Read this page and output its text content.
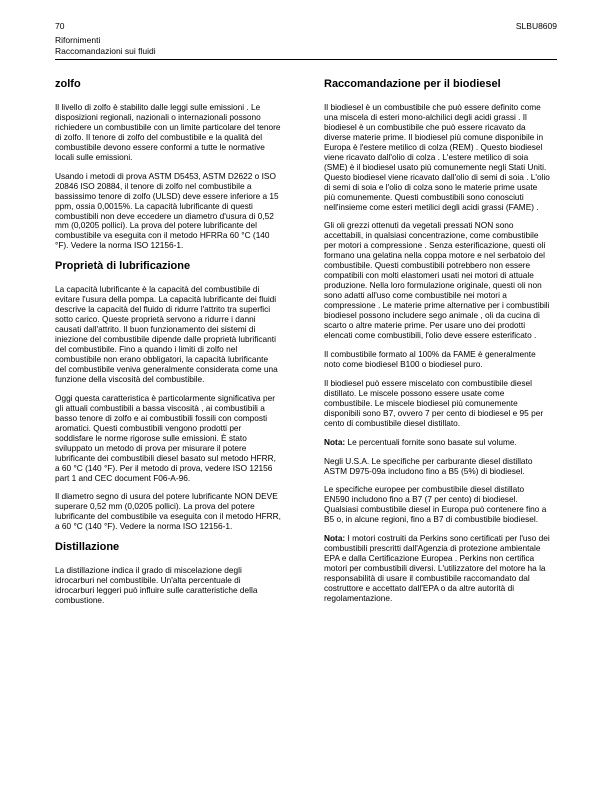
70	SLBU8609
Rifornimenti
Raccomandazioni sui fluidi
zolfo

Il livello di zolfo è stabilito dalle leggi sulle emissioni . Le disposizioni regionali, nazionali o internazionali possono richiedere un combustibile con un limite particolare del tenore di zolfo. Il tenore di zolfo del combustibile e la qualità del combustibile devono essere conformi a tutte le normative locali sulle emissioni.

Usando i metodi di prova ASTM D5453, ASTM D2622 o ISO 20846 ISO 20884, il tenore di zolfo nel combustibile a bassissimo tenore di zolfo (ULSD) deve essere inferiore a 15 ppm, ossia 0,0015%. La capacità lubrificante di questi combustibili non deve eccedere un diametro d'usura di 0,52 mm (0,0205 pollici). La prova del potere lubrificante del combustibile va eseguita con il metodo HFRRa 60 °C (140 °F). Vedere la norma ISO 12156-1.

Proprietà di lubrificazione

La capacità lubrificante è la capacità del combustibile di evitare l'usura della pompa. La capacità lubrificante dei fluidi descrive la capacità del fluido di ridurre l'attrito tra superfici sotto carico. Queste proprietà servono a ridurre i danni causati dall'attrito. Il buon funzionamento dei sistemi di iniezione del combustibile dipende dalle proprietà lubrificanti del combustibile. Fino a quando i limiti di zolfo nel combustibile non erano obbligatori, la capacità lubrificante del combustibile veniva generalmente considerata come una funzione della viscosità del combustibile.

Oggi questa caratteristica è particolarmente significativa per gli attuali combustibili a bassa viscosità , ai combustibili a basso tenore di zolfo e ai combustibili fossili con composti aromatici. Questi combustibili vengono prodotti per soddisfare le norme rigorose sulle emissioni. È stato sviluppato un metodo di prova per misurare il potere lubrificante dei combustibili diesel basato sul metodo HFRR, a 60 °C (140 °F). Per il metodo di prova, vedere ISO 12156 part 1 and CEC document F06-A-96.

Il diametro segno di usura del potere lubrificante NON DEVE superare 0,52 mm (0,0205 pollici). La prova del potere lubrificante del combustibile va eseguita con il metodo HFRR, a 60 °C (140 °F). Vedere la norma ISO 12156-1.

Distillazione

La distillazione indica il grado di miscelazione degli idrocarburi nel combustibile. Un'alta percentuale di idrocarburi leggeri può influire sulle caratteristiche della combustione.

Raccomandazione per il biodiesel

Il biodiesel è un combustibile che può essere definito come una miscela di esteri mono-alchilici degli acidi grassi . Il biodiesel è un combustibile che può essere ricavato da diverse materie prime. Il biodiesel più comune disponibile in Europa è l'estere metilico di colza (REM) . Questo biodiesel viene ricavato dall'olio di colza . L'estere metilico di soia (SME) è il biodiesel usato più comunemente negli Stati Uniti. Questo biodiesel viene ricavato dall'olio di semi di soia . L'olio di semi di soia e l'olio di colza sono le materie prime usate più comunemente. Questi combustibili sono conosciuti nell'insieme come esteri metilici degli acidi grassi (FAME) .

Gli oli grezzi ottenuti da vegetali pressati NON sono accettabili, in qualsiasi concentrazione, come combustibile per motori a compressione . Senza esterificazione, questi oli formano una gelatina nella coppa motore e nel serbatoio del combustibile. Questi combustibili potrebbero non essere compatibili con molti elastomeri usati nei motori di attuale produzione. Nella loro formulazione originale, questi oli non sono adatti all'uso come combustibile nei motori a compressione . Le materie prime alternative per i combustibili biodiesel possono includere sego animale , oli da cucina di scarto o altre materie prime. Per usare uno dei prodotti elencati come combustibili, l'olio deve essere esterificato .

Il combustibile formato al 100% da FAME è generalmente noto come biodiesel B100 o biodiesel puro.

Il biodiesel può essere miscelato con combustibile diesel distillato. Le miscele possono essere usate come combustibile. Le miscele biodiesel più comunemente disponibili sono B7, ovvero 7 per cento di biodiesel e 95 per cento di combustibile diesel distillato.

Nota: Le percentuali fornite sono basate sul volume.

Negli U.S.A. Le specifiche per carburante diesel distillato ASTM D975-09a includono fino a B5 (5%) di biodiesel.

Le specifiche europee per combustibile diesel distillato EN590 includono fino a B7 (7 per cento) di biodiesel. Qualsiasi combustibile diesel in Europa può contenere fino a B5 o, in alcune regioni, fino a B7 di combustibile biodiesel.

Nota: I motori costruiti da Perkins sono certificati per l'uso dei combustibili prescritti dall'Agenzia di protezione ambientale EPA e dalla Certificazione Europea . Perkins non certifica motori per combustibili diversi. L'utilizzatore del motore ha la responsabilità di usare il combustibile raccomandato dal costruttore e accettato dall'EPA o da altre autorità di regolamentazione.
